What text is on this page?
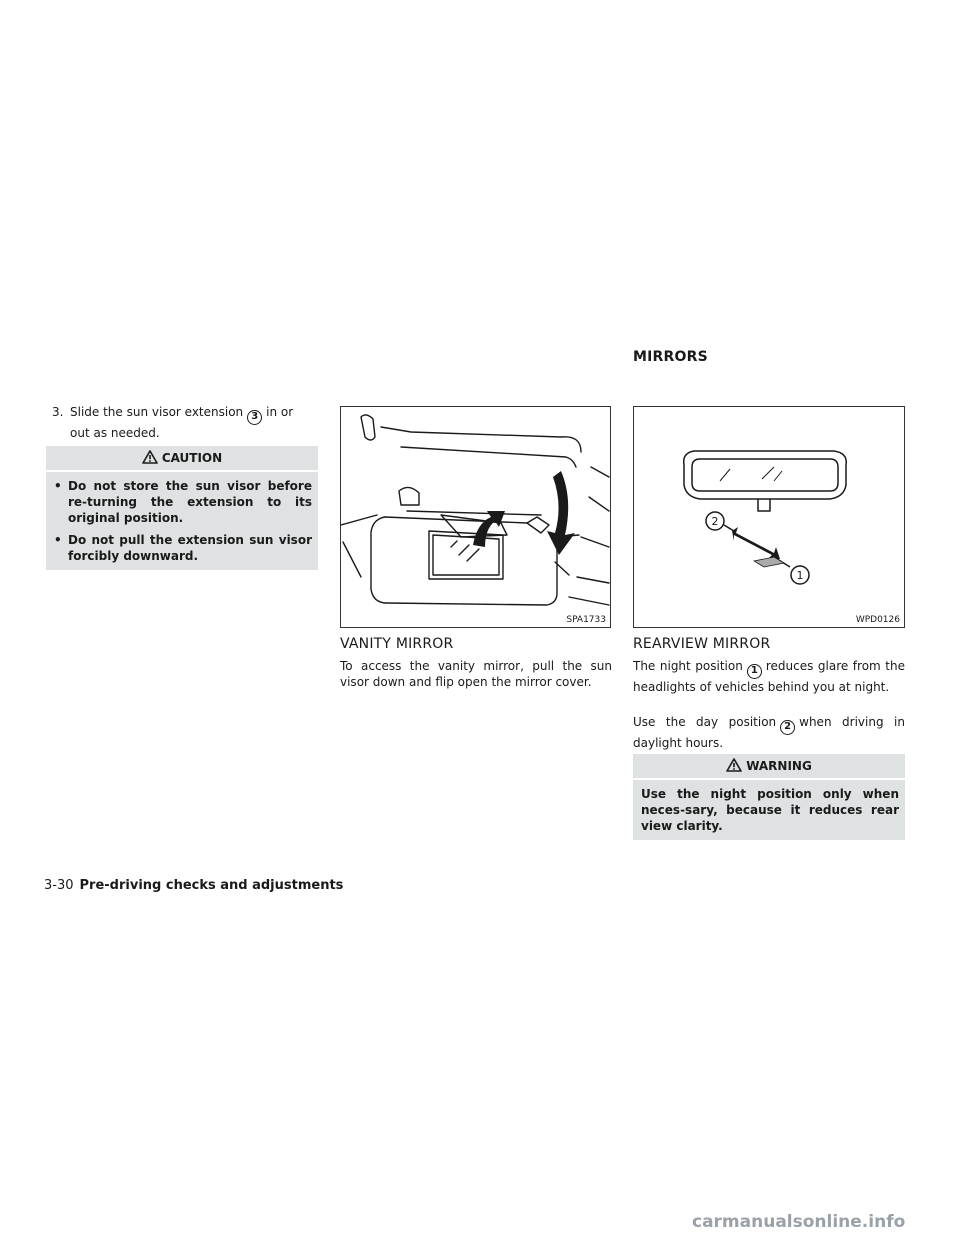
MIRRORS
3. Slide the sun visor extension 3 in or
out as needed.
CAUTION
• Do not store the sun visor before re-turning the extension to its original position.
• Do not pull the extension sun visor forcibly downward.
SPA1733
VANITY MIRROR
To access the vanity mirror, pull the sun visor down and flip open the mirror cover.
2
1
WPD0126
REARVIEW MIRROR
The night position 1 reduces glare from the headlights of vehicles behind you at night.
Use the day position 2 when driving in daylight hours.
WARNING
Use the night position only when neces-sary, because it reduces rear view clarity.
3-30 Pre-driving checks and adjustments
carmanualsonline.info
